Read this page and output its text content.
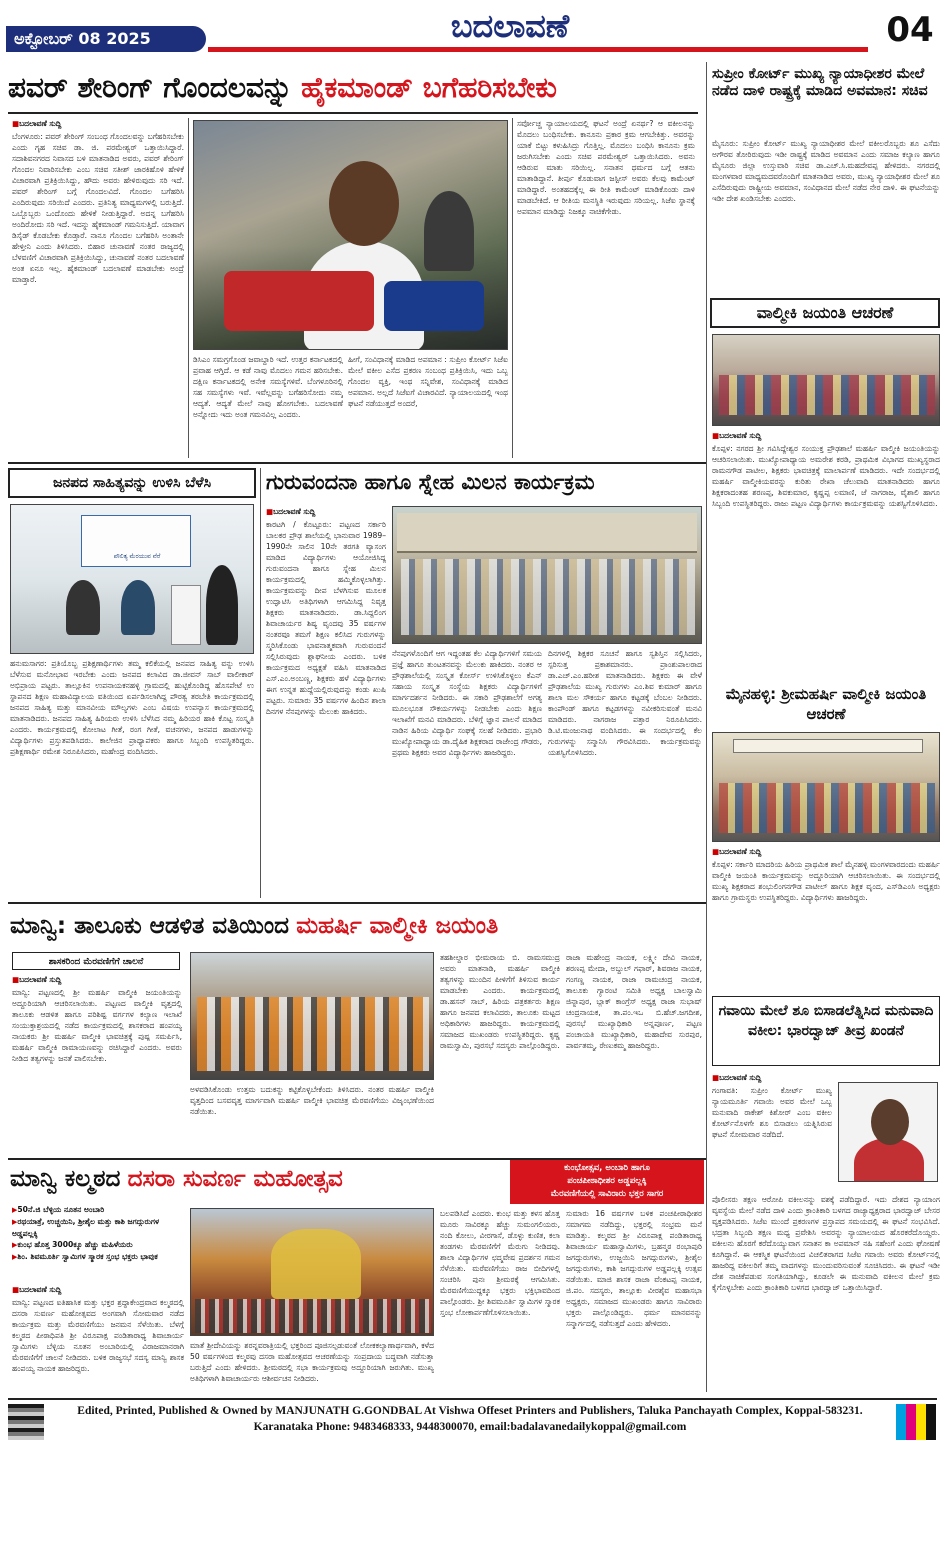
ಅಕ್ಟೋಬರ್ 08 2025	ಬದಲಾವಣೆ	04
ಪವರ್ ಶೇರಿಂಗ್ ಗೊಂದಲವನ್ನು ಹೈಕಮಾಂಡ್ ಬಗೆಹರಿಸಬೇಕು
■ ಬದಲಾವಣೆ ಸುದ್ದಿ
ಬೆಂಗಳೂರು: ಪವರ್ ಶೇರಿಂಗ್ ಸಂಬಂಧ ಗೊಂದಲವನ್ನು ಬಗೆಹರಿಸಬೇಕು ಎಂದು ಗೃಹ ಸಚಿವ ಡಾ. ಜಿ. ಪರಮೇಶ್ವರ್ ಒತ್ತಾಯಿಸಿದ್ದಾರೆ. ಸದಾಶಿವನಗರದ ನಿವಾಸದ ಬಳಿ ಮಾತನಾಡಿದ ಅವರು, ಪವರ್ ಶೇರಿಂಗ್ ಗೊಂದಲ ನಿವಾರಿಸಬೇಕು ಎಂಬ ಸಚಿವ ಸತೀಶ್ ಜಾರಕಿಹೊಳಿ ಹೇಳಿಕೆ ವಿಚಾರವಾಗಿ ಪ್ರತಿಕ್ರಿಯಿಸಿದ್ದು, ಹೌದು ಅವರು ಹೇಳಿರುವುದು ಸರಿ ಇದೆ. ಪವರ್ ಶೇರಿಂಗ್ ಬಗ್ಗೆ ಗೊಂದಲವಿದೆ. ಗೊಂದಲ ಬಗೆಹರಿಸಿ ಎಂದಿರುವುದು ಸರಿಯಿದೆ ಎಂದರು. ಪ್ರತಿನಿತ್ಯ ಮಾಧ್ಯಮಗಳಲ್ಲಿ ಬರುತ್ತಿದೆ. ಒಬ್ಬೊಬ್ಬರು ಒಂದೊಂದು ಹೇಳಿಕೆ ನೀಡುತ್ತಿದ್ದಾರೆ. ಅದನ್ನ ಬಗೆಹರಿಸಿ ಅಂದಿರೋದು ಸರಿ ಇದೆ. ಇದನ್ನು ಹೈಕಮಾಂಡ್ ಗಮನಿಸುತ್ತಿದೆ. ಯಾವಾಗ ಡಿಸೈಡ್ ಕೊಡಬೇಕು ಕೊಡ್ತಾರೆ. ನಾನೂ ಗೊಂದಲ ಬಗೆಹರಿಸಿ ಅಂತಾನೇ ಹೇಳ್ತೀನಿ ಎಂದು ತಿಳಿಸಿದರು. ಬಿಹಾರ ಚುನಾವಣೆ ನಂತರ ರಾಜ್ಯದಲ್ಲಿ ಬೆಳವಣಿಗೆ ವಿಚಾರವಾಗಿ ಪ್ರತಿಕ್ರಿಯಿಸಿದ್ದು, ಚುನಾವಣೆ ನಂತರ ಬದಲಾವಣೆ ಅಂತ ಏನೂ ಇಲ್ಲ. ಹೈಕಮಾಂಡ್ ಬದಲಾವಣೆ ಮಾಡಬೇಕು ಅಂದ್ರೆ ಮಾಡ್ತಾರೆ.
ಡಿಸಿಎಂ ಸಮಗ್ರಗೊಂಡ ಜವಾಬ್ದಾರಿ ಇದೆ. ಉತ್ತರ ಕರ್ನಾಟಕದಲ್ಲಿ ಪ್ರವಾಹ ಆಗ್ತಿದೆ. ಆ ಕಡೆ ನಾವು ಮೊದಲು ಗಮನ ಹರಿಸಬೇಕು. ದಕ್ಷಿಣ ಕರ್ನಾಟಕದಲ್ಲಿ ಅನೇಕ ಸಮಸ್ಯೆಗಳಿವೆ. ಬೆಂಗಳೂರಿನಲ್ಲಿ ಸಹ ಸಮಸ್ಯೆಗಳು ಇವೆ. ಇವೆಲ್ಲವನ್ನು ಬಗೆಹರಿಸೋದು ನಮ್ಮ ಆದ್ಯತೆ. ಆದ್ಯತೆ ಮೇಲೆ ನಾವು ಹೋಗಬೇಕು. ಬದಲಾವಣೆ ಅನ್ನೋದು ಇದು ಅಂತ ಗಮನವಿಲ್ಲ ಎಂದರು.
ಹೀಗೆ, ಸಂವಿಧಾನಕ್ಕೆ ಮಾಡಿದ ಅಪಮಾನ : ಸುಪ್ರೀಂ ಕೋರ್ಟ್ ಸಿಜೆಐ ಮೇಲೆ ವಕೀಲ ಎಸೆದ ಪ್ರಕರಣ ಸಂಬಂಧ ಪ್ರತಿಕ್ರಿಯಿಸಿ, ಇದು ಒಬ್ಬ ಗೊಂದಲ ವ್ಯಕ್ತಿ, ಇಂಥ ಸನ್ನಿವೇಶ, ಸಂವಿಧಾನಕ್ಕೆ ಮಾಡಿದ ಅಪಮಾನ. ಅಲ್ಲದೆ ಸಿಜೆಐಗೆ ವಿಚಾರವಿದೆ. ನ್ಯಾಯಾಲಯದಲ್ಲಿ ಇಂಥ ಘಟನೆ ನಡೆಯುತ್ತದೆ ಅಂದರೆ,
ಸರ್ವೋಚ್ಚ ನ್ಯಾಯಾಲಯದಲ್ಲಿ ಘಟನೆ ಅಂದ್ರೆ ಏನರ್ಥ? ಆ ವಕೀಲನನ್ನು ಮೊದಲು ಬಂಧಿಸಬೇಕು. ಕಾನೂನು ಪ್ರಕಾರ ಕ್ರಮ ಆಗಬೇಕಿತ್ತು. ಅವರನ್ನು ಯಾಕೆ ಬಿಟ್ಟು ಕಳುಹಿಸಿದ್ರು ಗೊತ್ತಿಲ್ಲ. ಮೊದಲು ಬಂಧಿಸಿ ಕಾನೂನು ಕ್ರಮ ಜರುಗಿಸಬೇಕು ಎಂದು ಸಚಿವ ಪರಮೇಶ್ವರ್ ಒತ್ತಾಯಿಸಿದರು. ಅವನು ಆಡಿರುವ ಮಾತು ಸರಿಯಿಲ್ಲ. ಸನಾತನ ಧರ್ಮದ ಬಗ್ಗೆ ಆತನು ಮಾತಾಡಿದ್ದಾನೆ. ತೀರ್ಪು ಕೊಡುವಾಗ ಜಸ್ಟೀಸ್ ಅವರು ಕೆಲವು ಕಾಮೆಂಟ್ ಮಾಡಿದ್ದಾರೆ. ಅಂತಹದಕ್ಕೆಲ್ಲ ಈ ರೀತಿ ಕಾಮೆಂಟ್ ಮಾಡಿಕೊಂಡು ದಾಳಿ ಮಾಡಬೇಕಿದೆ. ಆ ರೀತಿಯ ಮನಸ್ಥಿತಿ ಇರುವುದು ಸರಿಯಲ್ಲ. ಸಿಜೆಐ ಸ್ಥಾನಕ್ಕೆ ಅಪಮಾನ ಮಾಡಿದ್ದು ನಿಜಕ್ಕೂ ನಾಚಿಕೆಗೇಡು.
ಸುಪ್ರೀಂ ಕೋರ್ಟ್ ಮುಖ್ಯ ನ್ಯಾಯಾಧೀಶರ ಮೇಲೆ ನಡೆದ ದಾಳಿ ರಾಷ್ಟ್ರಕ್ಕೆ ಮಾಡಿದ ಅವಮಾನ: ಸಚಿವ
ಮೈಸೂರು: ಸುಪ್ರೀಂ ಕೋರ್ಟ್ ಮುಖ್ಯ ನ್ಯಾಯಾಧೀಶರ ಮೇಲೆ ವಕೀಲರೊಬ್ಬರು ಶೂ ಎಸೆದು ಅಗೌರವ ತೋರಿರುವುದು ಇಡೀ ರಾಷ್ಟ್ರಕ್ಕೆ ಮಾಡಿದ ಅವಮಾನ ಎಂದು ಸಮಾಜ ಕಲ್ಯಾಣ ಹಾಗೂ ಮೈಸೂರು ಜಿಲ್ಲಾ ಉಸ್ತುವಾರಿ ಸಚಿವ ಡಾ.ಎಚ್.ಸಿ.ಮಹದೇವಪ್ಪ ಹೇಳಿದರು. ನಗರದಲ್ಲಿ ಮಂಗಳವಾರ ಮಾಧ್ಯಮದವರೊಂದಿಗೆ ಮಾತನಾಡಿದ ಅವರು, ಮುಖ್ಯ ನ್ಯಾಯಾಧೀಶರ ಮೇಲೆ ಶೂ ಎಸೆದಿರುವುದು ರಾಷ್ಟ್ರೀಯ ಅವಮಾನ, ಸಂವಿಧಾನದ ಮೇಲೆ ನಡೆದ ನೇರ ದಾಳಿ. ಈ ಘಟನೆಯನ್ನು ಇಡೀ ದೇಶ ಖಂಡಿಸಬೇಕು ಎಂದರು.
ವಾಲ್ಮೀಕಿ ಜಯಂತಿ ಆಚರಣೆ
■ ಬದಲಾವಣೆ ಸುದ್ದಿ
ಕೊಪ್ಪಳ: ನಗರದ ಶ್ರೀ ಗವಿಸಿದ್ದೇಶ್ವರ ಸಂಯುಕ್ತ ಪ್ರೌಢಶಾಲೆ ಮಹರ್ಷಿ ವಾಲ್ಮೀಕಿ ಜಯಂತಿಯನ್ನು ಆಚರಿಸಲಾಯಿತು. ಮುಖ್ಯೋಪಾಧ್ಯಾಯ ಅಮರೇಶ ಕರಡಿ, ಪ್ರಾಥಮಿಕ ವಿಭಾಗದ ಮುಖ್ಯಸ್ಥರಾದ ರಾಮನಗೌಡ ಪಾಟೀಲ, ಶಿಕ್ಷಕರು ಭಾವಚಿತ್ರಕ್ಕೆ ಮಾಲಾರ್ಪಣೆ ಮಾಡಿದರು. ಇದೇ ಸಂದರ್ಭದಲ್ಲಿ ಮಹರ್ಷಿ ವಾಲ್ಮೀಕಿಯವರನ್ನು ಕುರಿತು ರೇಖಾ ಚೆಲುವಾದಿ ಮಾತನಾಡಿದರು ಹಾಗೂ ಶಿಕ್ಷಕರಾದಂತಹ ಶರಣಪ್ಪ, ಶಿವಕುಮಾರ, ಕೃಷ್ಣಪ್ಪ ಲಮಾಣಿ, ಜೆ ನಾಗರಾಜ, ವೈಶಾಲಿ ಹಾಗೂ ಸಿಬ್ಬಂದಿ ಉಪಸ್ಥಿತರಿದ್ದರು. ರಾಜು ಪಟ್ಟಣ ವಿದ್ಯಾರ್ಥಿಗಳು ಕಾರ್ಯಕ್ರಮವನ್ನು ಯಶಸ್ವಿಗೊಳಿಸಿದರು.
ಮೈನಹಳ್ಳಿ: ಶ್ರೀಮಹರ್ಷಿ ವಾಲ್ಮೀಕಿ ಜಯಂತಿ ಆಚರಣೆ
■ ಬದಲಾವಣೆ ಸುದ್ದಿ
ಕೊಪ್ಪಳ: ಸರ್ಕಾರಿ ಮಾದರಿಯ ಹಿರಿಯ ಪ್ರಾಥಮಿಕ ಶಾಲೆ ಮೈನಹಳ್ಳಿ ಮಂಗಳವಾರದಂದು ಮಹರ್ಷಿ ವಾಲ್ಮೀಕಿ ಜಯಂತಿ ಕಾರ್ಯಕ್ರಮವನ್ನು ಅದ್ದೂರಿಯಾಗಿ ಆಚರಿಸಲಾಯಿತು. ಈ ಸಂದರ್ಭದಲ್ಲಿ ಮುಖ್ಯ ಶಿಕ್ಷಕರಾದ ಶಂಭುಲಿಂಗನಗೌಡ ಪಾಟೀಲ್ ಹಾಗೂ ಶಿಕ್ಷಕ ವೃಂದ, ಎಸ್‌ಡಿಎಂಸಿ ಅಧ್ಯಕ್ಷರು ಹಾಗೂ ಗ್ರಾಮಸ್ಥರು ಉಪಸ್ಥಿತರಿದ್ದರು. ವಿದ್ಯಾರ್ಥಿಗಳು ಹಾಜರಿದ್ದರು.
ಗವಾಯಿ ಮೇಲೆ ಶೂ ಬಿಸಾಡಲೆತ್ನಿಸಿದ ಮನುವಾದಿ ವಕೀಲ: ಭಾರದ್ವಾಜ್ ತೀವ್ರ ಖಂಡನೆ
■ ಬದಲಾವಣೆ ಸುದ್ದಿ
ಗಂಗಾವತಿ: ಸುಪ್ರೀಂ ಕೋರ್ಟ್ ಮುಖ್ಯ ನ್ಯಾಯಮೂರ್ತಿ ಗವಾಯಿ ಅವರ ಮೇಲೆ ಒಬ್ಬ ಮನುವಾದಿ ರಾಕೇಶ್ ಕಿಶೋರ್ ಎಂಬ ವಕೀಲ ಕೋರ್ಟ್‌ನೊಳಗೇ ಶೂ ಬಿಸಾಡಲು ಯತ್ನಿಸಿರುವ ಘಟನೆ ಸೋಮವಾರ ನಡೆದಿದೆ.
ಪೊಲೀಸರು ತಕ್ಷಣ ಆರೋಪಿ ವಕೀಲನನ್ನು ವಶಕ್ಕೆ ಪಡೆದಿದ್ದಾರೆ. ಇದು ದೇಶದ ನ್ಯಾಯಾಂಗ ವ್ಯವಸ್ಥೆಯ ಮೇಲೆ ನಡೆದ ದಾಳಿ ಎಂದು ಕ್ರಾಂತಿಕಾರಿ ಬಳಗದ ರಾಜ್ಯಾಧ್ಯಕ್ಷರಾದ ಭಾರದ್ವಾಜ್ ಬೇಸರ ವ್ಯಕ್ತಪಡಿಸಿದರು. ಸಿಜೆಐ ಮುಂದೆ ಪ್ರಕರಣಗಳ ಪ್ರಸ್ತಾಪದ ಸಮಯದಲ್ಲಿ ಈ ಘಟನೆ ಸಂಭವಿಸಿದೆ. ಭದ್ರತಾ ಸಿಬ್ಬಂದಿ ತಕ್ಷಣ ಮಧ್ಯ ಪ್ರವೇಶಿಸಿ ಅವರನ್ನು ನ್ಯಾಯಾಲಯದ ಹೊರಕರೆದೊಯ್ದರು. ವಕೀಲನು ಹೊರಗೆ ಕರೆದೊಯ್ಯುವಾಗ ಸನಾತನ ಕಾ ಅಪಮಾನ್ ನಹಿ ಸಹೇಂಗೆ ಎಂದು ಘೋಷಣೆ ಕೂಗಿದ್ದಾನೆ. ಈ ಆಕಸ್ಮಿಕ ಘಟನೆಯಿಂದ ವಿಚಲಿತರಾಗದ ಸಿಜೆಐ ಗವಾಯಿ ಅವರು ಕೋರ್ಟ್‌ನಲ್ಲಿ ಹಾಜರಿದ್ದ ವಕೀಲರಿಗೆ ತಮ್ಮ ವಾದಗಳನ್ನು ಮುಂದುವರಿಸುವಂತೆ ಸೂಚಿಸಿದರು. ಈ ಘಟನೆ ಇಡೀ ದೇಶ ನಾಚಿಕೆಪಡುವ ಸಂಗತಿಯಾಗಿದ್ದು, ಕೂಡಲೇ ಈ ಮನುವಾದಿ ವಕೀಲನ ಮೇಲೆ ಕ್ರಮ ಕೈಗೊಳ್ಳಬೇಕು ಎಂದು ಕ್ರಾಂತಿಕಾರಿ ಬಳಗದ ಭಾರದ್ವಾಜ್ ಒತ್ತಾಯಿಸಿದ್ದಾರೆ.
ಜನಪದ ಸಾಹಿತ್ಯವನ್ನು ಉಳಿಸಿ ಬೆಳೆಸಿ
ಪೌಲಿತ್ಯ ಮೆರಯುವ ವೆರೆ
ಹನುಮಸಾಗರ: ಪ್ರತಿಯೊಬ್ಬ ಪ್ರಶಿಕ್ಷಣಾರ್ಥಿಗಳು ತಮ್ಮ ಕಲಿಕೆಯಲ್ಲಿ ಜನಪದ ಸಾಹಿತ್ಯ ವನ್ನು ಉಳಿಸಿ ಬೆಳೆಸುವ ಮನೋಭಾವ ಇರಬೇಕು ಎಂದು ಜನಪದ ಕಲಾವಿದ ಡಾ.ಜೀವನ್ ಸಾಬ್ ವಾಲೀಕಾರ್ ಅಭಿಪ್ರಾಯ ಪಟ್ಟರು. ತಾಲ್ಲೂಕಿನ ಉಪನಾಯಕನಹಳ್ಳಿ ಗ್ರಾಮದಲ್ಲಿ ಹುಟ್ಟಿಕೊಂಡಿದ್ದ ಹೊಸಪೇಟೆ ಉ ಸ್ಥಾಪನದ ಶಿಕ್ಷಣ ಮಹಾವಿದ್ಯಾಲಯ ವತಿಯಿಂದ ಏರ್ಪಡಿಸಲಾಗಿದ್ದ ಪೌರತ್ವ ತರಬೇತಿ ಕಾರ್ಯಕ್ರಮದಲ್ಲಿ ಜನಪದ ಸಾಹಿತ್ಯ ಮತ್ತು ಮಾನವೀಯ ಮೌಲ್ಯಗಳು ಎಂಬ ವಿಷಯ ಉಪನ್ಯಾಸ ಕಾರ್ಯಕ್ರಮದಲ್ಲಿ ಮಾತನಾಡಿದರು. ಜನಪದ ಸಾಹಿತ್ಯ ಹಿರಿಯರು ಉಳಿಸಿ ಬೆಳೆಸಿದ ನಮ್ಮ ಹಿರಿಯರ ಹಾಕಿ ಕೊಟ್ಟ ಸಂಸ್ಕೃತಿ ಎಂದರು. ಕಾರ್ಯಕ್ರಮದಲ್ಲಿ ಕೋಲಾಟ ಗೀತೆ, ರಂಗ ಗೀತೆ, ವಚನಗಳು, ಜನಪದ ಹಾಡುಗಳನ್ನು ವಿದ್ಯಾರ್ಥಿಗಳು ಪ್ರಸ್ತುತಪಡಿಸಿದರು. ಕಾಲೇಜಿನ ಪ್ರಾಧ್ಯಾಪಕರು ಹಾಗೂ ಸಿಬ್ಬಂದಿ ಉಪಸ್ಥಿತರಿದ್ದರು. ಪ್ರಶಿಕ್ಷಣಾರ್ಥಿ ರಮೇಶ ನಿರೂಪಿಸಿದರು, ಮಹೇಂದ್ರ ವಂದಿಸಿದರು.
ಗುರುವಂದನಾ ಹಾಗೂ ಸ್ನೇಹ ಮಿಲನ ಕಾರ್ಯಕ್ರಮ
■ ಬದಲಾವಣೆ ಸುದ್ದಿ
ಕಾರಟಗಿ / ಕೊಟ್ಟೂರು: ಪಟ್ಟಣದ ಸರ್ಕಾರಿ ಬಾಲಕರ ಪ್ರೌಢ ಶಾಲೆಯಲ್ಲಿ ಭಾನುವಾರ 1989–1990ನೇ ಸಾಲಿನ 10ನೇ ತರಗತಿ ವ್ಯಾಸಂಗ ಮಾಡಿದ ವಿದ್ಯಾರ್ಥಿಗಳು ಆಯೋಜಿಸಿದ್ದ ಗುರುವಂದನಾ ಹಾಗೂ ಸ್ನೇಹ ಮಿಲನ ಕಾರ್ಯಕ್ರಮದಲ್ಲಿ ಹಮ್ಮಿಕೊಳ್ಳಲಾಗಿತ್ತು. ಕಾರ್ಯಕ್ರಮವನ್ನು ದೀಪ ಬೆಳಗಿಸುವ ಮೂಲಕ ಉದ್ಘಾಟಿಸಿ ಅತಿಥಿಗಳಾಗಿ ಆಗಮಿಸಿದ್ದ ನಿವೃತ್ತ ಶಿಕ್ಷಕರು ಮಾತನಾಡಿದರು. ಡಾ.ಸಿದ್ದಲಿಂಗ ಶಿವಾಚಾರ್ಯರ ಶಿಷ್ಯ ವೃಂದವು 35 ವರ್ಷಗಳ ನಂತರವೂ ತಮಗೆ ಶಿಕ್ಷಣ ಕಲಿಸಿದ ಗುರುಗಳನ್ನು ಸ್ಮರಿಸಿಕೊಂಡು ಭಾವನಾತ್ಮಕವಾಗಿ ಗುರುವಂದನೆ ಸಲ್ಲಿಸಿರುವುದು ಶ್ಲಾಘನೀಯ ಎಂದರು. ಬಳಿಕ ಕಾರ್ಯಕ್ರಮದ ಅಧ್ಯಕ್ಷತೆ ವಹಿಸಿ ಮಾತನಾಡಿದ ಎಸ್.ಎಂ.ಅಂಬಣ್ಣ, ಶಿಕ್ಷಕರು ಹಳೆ ವಿದ್ಯಾರ್ಥಿಗಳು ಈಗ ಉನ್ನತ ಹುದ್ದೆಯಲ್ಲಿರುವುದನ್ನು ಕಂಡು ಖುಷಿ ಪಟ್ಟರು. ಸುಮಾರು 35 ವರ್ಷಗಳ ಹಿಂದಿನ ಶಾಲಾ ದಿನಗಳ ನೆನಪುಗಳನ್ನು ಮೆಲುಕು ಹಾಕಿದರು.
ನೆನಪುಗಳೊಂದಿಗೆ ಆಗ ಇದ್ದಂತಹ ಕೆಲ ವಿದ್ಯಾರ್ಥಿಗಳಿಗೆ ಸಮಯ ಪ್ರಜ್ಞೆ ಹಾಗೂ ತುಂಟತನವನ್ನು ಮೆಲುಕು ಹಾಕಿದರು. ನಂತರ ಆ ಪ್ರೌಢಶಾಲೆಯಲ್ಲಿ ಸಂಸ್ಕೃತ ಕೋರ್ಸ್ ಉಳಿಸಿಕೊಳ್ಳಲು ಕೆಎನ್ ಸಹಾಯ ಸಂಸ್ಕೃತ ಸಂಸ್ಥೆಯ ಶಿಕ್ಷಕರು ವಿದ್ಯಾರ್ಥಿಗಳಿಗೆ ಮಾರ್ಗದರ್ಶನ ನೀಡಿದರು. ಈ ಸಕಾರಿ ಪ್ರೌಢಶಾಲೆಗೆ ಅಗತ್ಯ ಮೂಲಭೂತ ಸೌಕರ್ಯಗಳನ್ನು ನೀಡಬೇಕು ಎಂದು ಶಿಕ್ಷಣ ಇಲಾಖೆಗೆ ಮನವಿ ಮಾಡಿದರು. ಬೆಳಿಗ್ಗೆ ಜ್ಞಾನ ಪಾಲನೆ ಮಾಡಿದ ನಾಡಿನ ಹಿರಿಯ ವಿದ್ಯಾರ್ಥಿ ಸಂಘಕ್ಕೆ ಸಲಹೆ ನೀಡಿದರು. ಪ್ರಭಾರಿ ಮುಖ್ಯೋಪಾಧ್ಯಾಯ ಡಾ.ದೈಹಿಕ ಶಿಕ್ಷಕರಾದ ರಾಜೇಂದ್ರ ಗೌಡರು, ಪ್ರಥಮ ಶಿಕ್ಷಕರು ಅವರ ವಿದ್ಯಾರ್ಥಿಗಳು ಹಾಜರಿದ್ದರು.
ದಿನಗಳಲ್ಲಿ ಶಿಕ್ಷಕರ ಸೂಚನೆ ಹಾಗೂ ಸ್ವಶಿಸ್ತಿನ ಸಲ್ಲಿಸಿದರು, ಸ್ಪರಿಸುತ್ತ ಪ್ರಕಾಶಮಾನರು. ಪ್ರಾಂಶುಪಾಲರಾದ ಡಾ.ಎಚ್.ಎಂ.ಹರೀಶ ಮಾತನಾಡಿದರು. ಶಿಕ್ಷಕರು ಈ ವೇಳೆ ಪ್ರೌಢಶಾಲೆಯ ಮುಖ್ಯ ಗುರುಗಳು ಎಂ.ಶಿವ ಕುಮಾರ್ ಹಾಗೂ ಶಾಲಾ ಮಲ ಸೌಕರ್ಯ ಹಾಗೂ ಕಟ್ಟಡಕ್ಕೆ ಬೆಂಬಲ ನೀಡಿದರು. ಕಾಂಪೌಂಡ್ ಹಾಗೂ ಕಟ್ಟಡಗಳನ್ನು ನವೀಕರಿಸುವಂತೆ ಮನವಿ ಮಾಡಿದರು. ನಾಗರಾಜ ಪತ್ತಾರ ನಿರೂಪಿಸಿದರು. ಡಿ.ಟಿ.ಮಂಜುನಾಥ ವಂದಿಸಿದರು. ಈ ಸಂದರ್ಭದಲ್ಲಿ ಕೆಲ ಗುರುಗಳನ್ನು ಸನ್ಮಾನಿಸಿ ಗೌರವಿಸಿದರು. ಕಾರ್ಯಕ್ರಮವನ್ನು ಯಶಸ್ವಿಗೊಳಿಸಿದರು.
ಮಾನ್ವಿ: ತಾಲೂಕು ಆಡಳಿತ ವತಿಯಿಂದ ಮಹರ್ಷಿ ವಾಲ್ಮೀಕಿ ಜಯಂತಿ
ಶಾಸಕರಿಂದ ಮೆರವಣಿಗೆಗೆ ಚಾಲನೆ
■ ಬದಲಾವಣೆ ಸುದ್ದಿ
ಮಾನ್ವಿ: ಪಟ್ಟಣದಲ್ಲಿ ಶ್ರೀ ಮಹರ್ಷಿ ವಾಲ್ಮೀಕಿ ಜಯಂತಿಯನ್ನು ಅದ್ದೂರಿಯಾಗಿ ಆಚರಿಸಲಾಯಿತು. ಪಟ್ಟಣದ ವಾಲ್ಮೀಕಿ ವೃತ್ತದಲ್ಲಿ ತಾಲೂಕು ಆಡಳಿತ ಹಾಗೂ ಪರಿಶಿಷ್ಟ ವರ್ಗಗಳ ಕಲ್ಯಾಣ ಇಲಾಖೆ ಸಂಯುಕ್ತಾಶ್ರಯದಲ್ಲಿ ನಡೆದ ಕಾರ್ಯಕ್ರಮದಲ್ಲಿ ಶಾಸಕರಾದ ಹಂಪಯ್ಯ ನಾಯಕರು ಶ್ರೀ ಮಹರ್ಷಿ ವಾಲ್ಮೀಕಿ ಭಾವಚಿತ್ರಕ್ಕೆ ಪುಷ್ಪ ಸಮರ್ಪಿಸಿ, ಮಹರ್ಷಿ ವಾಲ್ಮೀಕಿ ರಾಮಾಯಣವನ್ನು ರಚಿಸಿದ್ದಾರೆ ಎಂದರು. ಅವರು ನೀಡಿದ ತತ್ವಗಳನ್ನು ಜನತೆ ಪಾಲಿಸಬೇಕು.
ಅಳವಡಿಸಿಕೊಂಡು ಉತ್ತಮ ಬದುಕನ್ನು ಕಟ್ಟಿಕೊಳ್ಳಬೇಕೆಂದು ತಿಳಿಸಿದರು. ನಂತರ ಮಹರ್ಷಿ ವಾಲ್ಮೀಕಿ ವೃತ್ತದಿಂದ ಬಸವವೃತ್ತ ಮಾರ್ಗವಾಗಿ ಮಹರ್ಷಿ ವಾಲ್ಮೀಕಿ ಭಾವಚಿತ್ರ ಮೆರವಣಿಗೆಯು ವಿಜೃಂಭಣೆಯಿಂದ ನಡೆಯಿತು.
ತಹಶೀಲ್ದಾರ ಭೀಮರಾಯ ಬಿ. ರಾಮಸಮುದ್ರ ಅವರು ಮಾತನಾಡಿ, ಮಹರ್ಷಿ ವಾಲ್ಮೀಕಿ ತತ್ವಗಳನ್ನು ಮುಂದಿನ ಪೀಳಿಗೆಗೆ ತಿಳಿಸುವ ಕಾರ್ಯ ಮಾಡಬೇಕು ಎಂದರು. ಕಾರ್ಯಕ್ರಮದಲ್ಲಿ ಡಾ.ಹಸನ್ ಸಾಬ್, ಹಿರಿಯ ಪತ್ರಕರ್ತರು ಶಿಕ್ಷಣ ಹಾಗೂ ಜನಪದ ಕಲಾವಿದರು, ತಾಲೂಕು ಮಟ್ಟದ ಅಧಿಕಾರಿಗಳು ಹಾಜರಿದ್ದರು. ಕಾರ್ಯಕ್ರಮದಲ್ಲಿ ಸಮಾಜದ ಮುಖಂಡರು ಉಪಸ್ಥಿತರಿದ್ದರು. ಕೃಷ್ಣ ರಾಮಸ್ವಾಮಿ, ಪುರಸಭೆ ಸದಸ್ಯರು ಪಾಲ್ಗೊಂಡಿದ್ದರು.
ರಾಜಾ ಮಹೇಂದ್ರ ನಾಯಕ, ಲಕ್ಷ್ಮೀ ದೇವಿ ನಾಯಕ, ಶರಣಪ್ಪ ಮೇದಾ, ಅಬ್ದುಲ್ ಗಫಾರ್, ಶಿವರಾಜ ನಾಯಕ, ಗಂಗಣ್ಣ ನಾಯಕ, ರಾಜಾ ರಾಮಚಂದ್ರ ನಾಯಕ, ತಾಲೂಕು ಗ್ಯಾರಂಟಿ ಸಮಿತಿ ಅಧ್ಯಕ್ಷ ಬಾಲಸ್ವಾಮಿ ಜಿನ್ನಾಪುರ, ಬ್ಲಾಕ್ ಕಾಂಗ್ರೆಸ್ ಅಧ್ಯಕ್ಷ ರಾಜಾ ಸುಭಾಷ್ ಚಂದ್ರನಾಯಕ, ತಾ.ಪಂ.ಇಒ ಬಿ.ಹೆಚ್.ಜಗದೀಶ, ಪುರಸಭೆ ಮುಖ್ಯಾಧಿಕಾರಿ ಅನ್ನಪೂರ್ಣ, ಪಟ್ಟಣ ಪಂಚಾಯತಿ ಮುಖ್ಯಾಧಿಕಾರಿ, ಮಹಾದೇವ ಸುರಪುರ, ಪಾರ್ವತಮ್ಮ, ರೇಣುಕಮ್ಮ ಹಾಜರಿದ್ದರು.
ಮಾನ್ವಿ ಕಲ್ಮಠದ ದಸರಾ ಸುವರ್ಣ ಮಹೋತ್ಸವ	ಕುಂಭೋತ್ಸವ, ಅಂಬಾರಿ ಹಾಗೂ
ಪಂಚಪೀಠಾಧೀಶರ ಅಡ್ಡಪಲ್ಲಕ್ಕಿ
ಮೆರವಣಿಗೆಯಲ್ಲಿ ಸಾವಿರಾರು ಭಕ್ತರ ಸಾಗರ
▶ 50ನೆ.ಜಿ ಬೆಳ್ಳಿಯ ನೂತನ ಅಂಬಾರಿ
▶ ರಥಯಾತ್ರೆ, ಉಚ್ಚಯಿನಿ, ಶ್ರೀಶೈಲ ಮತ್ತು ಕಾಶಿ ಜಗದ್ಗುರುಗಳ ಅಡ್ಡಪಲ್ಲಕ್ಕಿ
▶ ಕುಂಭ ಹೊತ್ತ 3000ಕ್ಕೂ ಹೆಚ್ಚು ಮಹಿಳೆಯರು
▶ ಶಿಂ. ಶಿವಮೂರ್ತಿ ಸ್ವಾಮಿಗಳ ಸ್ಮಾರಕ ಸ್ತಂಭ ಭಕ್ತರು ಭಾವುಕ
■ ಬದಲಾವಣೆ ಸುದ್ದಿ
ಮಾನ್ವಿ: ಪಟ್ಟಣದ ಐತಿಹಾಸಿಕ ಮತ್ತು ಭಕ್ತರ ಶ್ರದ್ಧಾಕೇಂದ್ರವಾದ ಕಲ್ಮಠದಲ್ಲಿ ದಸರಾ ಸುವರ್ಣ ಮಹೋತ್ಸವದ ಅಂಗವಾಗಿ ಸೋಮವಾರ ನಡೆದ ಕಾರ್ಯಕ್ರಮ ಮತ್ತು ಮೆರವಣಿಗೆಯು ಜನಮನ ಸೆಳೆಯಿತು. ಬೆಳಗ್ಗೆ ಕಲ್ಮಠದ ಪೀಠಾಧಿಪತಿ ಶ್ರೀ ವಿರೂಪಾಕ್ಷ ಪಂಡಿತಾರಾಧ್ಯ ಶಿವಾಚಾರ್ಯ ಸ್ವಾಮಿಗಳು ಬೆಳ್ಳಿಯ ನೂತನ ಅಂಬಾರಿಯಲ್ಲಿ ವಿರಾಜಮಾನರಾಗಿ ಮೆರವಣಿಗೆಗೆ ಚಾಲನೆ ನೀಡಿದರು. ಬಳಿಕ ರಾಜ್ಯಸಭೆ ಸದಸ್ಯ ಮಾನ್ವಿ ಶಾಸಕ ಹಂಪಯ್ಯ ನಾಯಕ ಹಾಜರಿದ್ದರು.
ಮಾತೆ ಶ್ರೀದೇವಿಯನ್ನು ಶರನ್ನವರಾತ್ರಿಯಲ್ಲಿ ಭಕ್ತರಿಂದ ಪೂಜಿಸಲ್ಪಡುವಂತೆ ಲೋಕಕಲ್ಯಾಣಾರ್ಥವಾಗಿ, ಕಳೆದ 50 ವರ್ಷಗಳಿಂದ ಕಲ್ಮಠವು ದಸರಾ ಮಹೋತ್ಸವದ ಆಚರಣೆಯನ್ನು ಸಂಪ್ರದಾಯ ಬದ್ಧವಾಗಿ ನಡೆಸುತ್ತಾ ಬರುತ್ತಿದೆ ಎಂದು ಹೇಳಿದರು. ಶ್ರೀಮಠದಲ್ಲಿ ಸಭಾ ಕಾರ್ಯಕ್ರಮವು ಅದ್ದೂರಿಯಾಗಿ ಜರುಗಿತು. ಮುಖ್ಯ ಅತಿಥಿಗಳಾಗಿ ಶಿವಾಚಾರ್ಯರು ಆಶೀರ್ವಚನ ನೀಡಿದರು.
ಬಲಪಡಿಸಿದೆ ಎಂದರು. ಕುಂಭ ಮತ್ತು ಕಳಸ ಹೊತ್ತ ಮೂರು ಸಾವಿರಕ್ಕೂ ಹೆಚ್ಚು ಸುಮಂಗಲಿಯರು, ನಂದಿ ಕೋಲು, ವೀರಗಾಸೆ, ಡೊಳ್ಳು ಕುಣಿತ, ಕಲಾ ತಂಡಗಳು ಮೆರವಣಿಗೆಗೆ ಮೆರುಗು ನೀಡಿದವು. ಶಾಲಾ ವಿದ್ಯಾರ್ಥಿಗಳ ಛದ್ಮವೇಷ ಪ್ರದರ್ಶನ ಗಮನ ಸೆಳೆಯಿತು. ಮರೆವಣಿಗೆಯು ರಾಜ ಬೀದಿಗಳಲ್ಲಿ ಸಂಚರಿಸಿ ಪುನಃ ಶ್ರೀಮಠಕ್ಕೆ ಆಗಮಿಸಿತು. ಮೆರವಣಿಗೆಯುದ್ದಕ್ಕೂ ಭಕ್ತರು ಭಕ್ತಿಭಾವದಿಂದ ಪಾಲ್ಗೊಂಡರು. ಶ್ರೀ ಶಿವಮೂರ್ತಿ ಸ್ವಾಮಿಗಳ ಸ್ಮಾರಕ ಸ್ತಂಭ ಲೋಕಾರ್ಪಣೆಗೊಳಿಸಲಾಯಿತು.
ಸುಮಾರು 16 ವರ್ಷಗಳ ಬಳಿಕ ಪಂಚಪೀಠಾಧೀಶರ ಸಮಾಗಮ ನಡೆದಿದ್ದು, ಭಕ್ತರಲ್ಲಿ ಸಂಭ್ರಮ ಮನೆ ಮಾಡಿತ್ತು. ಕಲ್ಮಠದ ಶ್ರೀ ವಿರೂಪಾಕ್ಷ ಪಂಡಿತಾರಾಧ್ಯ ಶಿವಾಚಾರ್ಯ ಮಹಾಸ್ವಾಮಿಗಳು, ಬ್ರಹನ್ಮಠ ರಂಭಾಪುರಿ ಜಗದ್ಗುರುಗಳು, ಉಜ್ಜಯಿನಿ ಜಗದ್ಗುರುಗಳು, ಶ್ರೀಶೈಲ ಜಗದ್ಗುರುಗಳು, ಕಾಶಿ ಜಗದ್ಗುರುಗಳ ಅಡ್ಡಪಲ್ಲಕ್ಕಿ ಉತ್ಸವ ನಡೆಯಿತು. ಮಾಜಿ ಶಾಸಕ ರಾಜಾ ವೆಂಕಟಪ್ಪ ನಾಯಕ, ಜಿ.ಪಂ. ಸದಸ್ಯರು, ತಾಲ್ಲೂಕು ವೀರಶೈವ ಮಹಾಸಭಾ ಅಧ್ಯಕ್ಷರು, ಸಮಾಜದ ಮುಖಂಡರು ಹಾಗೂ ಸಾವಿರಾರು ಭಕ್ತರು ಪಾಲ್ಗೊಂಡಿದ್ದರು. ಧರ್ಮ ಮಾನವನನ್ನು ಸನ್ಮಾರ್ಗದಲ್ಲಿ ನಡೆಸುತ್ತದೆ ಎಂದು ಹೇಳಿದರು.
Edited, Printed, Published & Owned by MANJUNATH G.GONDBAL At Vishwa Offeset Printers and Publishers, Taluka Panchayath Complex, Koppal-583231.
Karanataka Phone: 9483468333, 9448300070, email:badalavanedailykoppal@gmail.com
